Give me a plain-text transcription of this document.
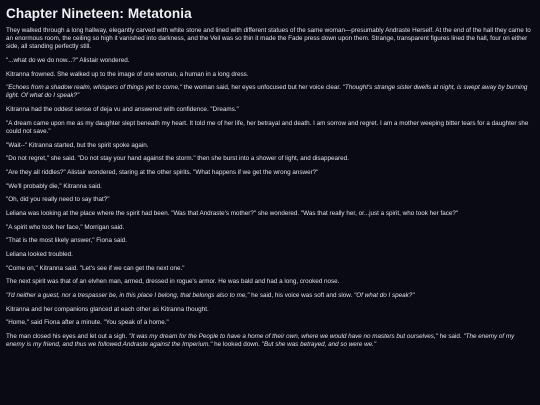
Chapter Nineteen: Metatonia

They walked through a long hallway, elegantly carved with white stone and lined with different statues of the same woman—presumably Andraste Herself. At the end of the hall they came to an enormous room, the ceiling so high it vanished into darkness, and the Veil was so thin it made the Fade press down upon them. Strange, transparent figures lined the hall, four on either side, all standing perfectly still.

"...what do we do now...?" Alistair wondered.

Kitranna frowned. She walked up to the image of one woman, a human in a long dress.

"Echoes from a shadow realm, whispers of things yet to come," the woman said, her eyes unfocused but her voice clear. "Thought's strange sister dwells at night, is swept away by burning light. Of what do I speak?"

Kitranna had the oddest sense of deja vu and answered with confidence. "Dreams."

"A dream came upon me as my daughter slept beneath my heart. It told me of her life, her betrayal and death. I am sorrow and regret. I am a mother weeping bitter tears for a daughter she could not save."

"Wait--" Kitranna started, but the spirit spoke again.

"Do not regret," she said. "Do not stay your hand against the storm." then she burst into a shower of light, and disappeared.

"Are they all riddles?" Alistair wondered, staring at the other spirits. "What happens if we get the wrong answer?"

"We'll probably die," Kitranna said.

"Oh, did you really need to say that?"

Leliana was looking at the place where the spirit had been. "Was that Andraste's mother?" she wondered. "Was that really her, or...just a spirit, who took her face?"

"A spirit who took her face," Morrigan said.

"That is the most likely answer," Fiona said.

Leliana looked troubled.

"Come on," Kitranna said. "Let's see if we can get the next one."

The next spirit was that of an elvhen man, armed, dressed in rogue's armor. He was bald and had a long, crooked nose.

"I'd neither a guest, nor a trespasser be, in this place I belong, that belongs also to me," he said, his voice was soft and slow. "Of what do I speak?"

Kitranna and her companions glanced at each other as Kitranna thought.

"Home," said Fiona after a minute. "You speak of a home."

The man closed his eyes and let out a sigh. "It was my dream for the People to have a home of their own, where we would have no masters but ourselves," he said. "The enemy of my enemy is my friend, and thus we followed Andraste against the Imperium." he looked down. "But she was betrayed, and so were we."
